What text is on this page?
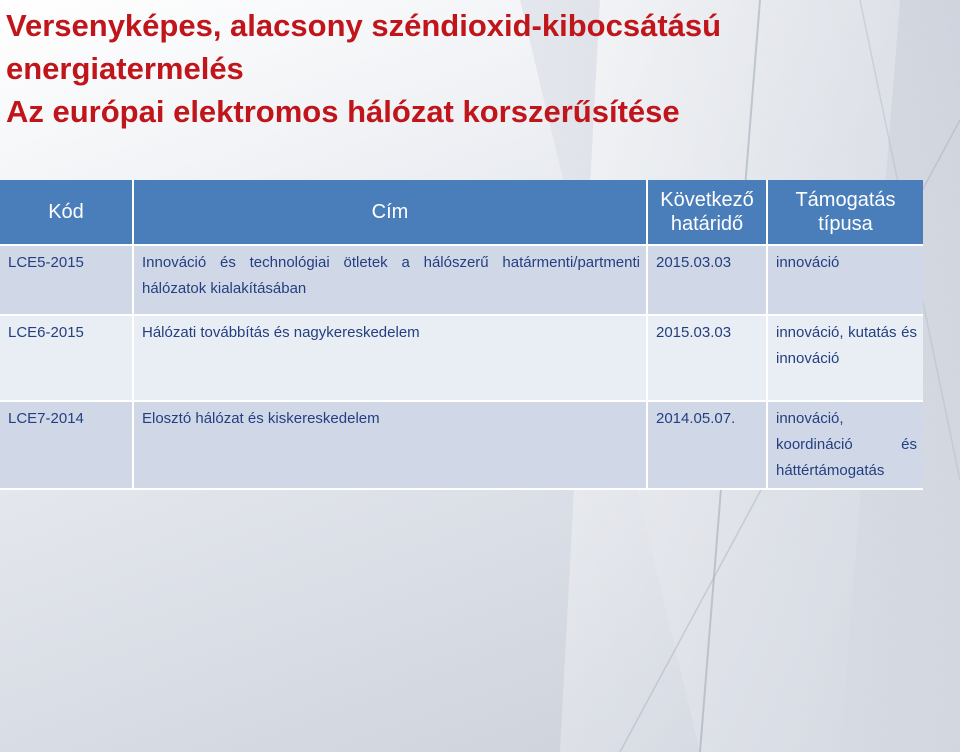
Versenyképes, alacsony széndioxid-kibocsátású
energiatermelés
Az európai elektromos hálózat korszerűsítése
Kód	Cím	Következő határidő	Támogatás típusa
LCE5-2015	Innováció és technológiai ötletek a hálószerű határmenti/partmenti hálózatok kialakításában	2015.03.03	innováció
LCE6-2015	Hálózati továbbítás és nagykereskedelem	2015.03.03	innováció, kutatás és innováció
LCE7-2014	Elosztó hálózat és kiskereskedelem	2014.05.07.	innováció, koordináció és háttértámogatás
